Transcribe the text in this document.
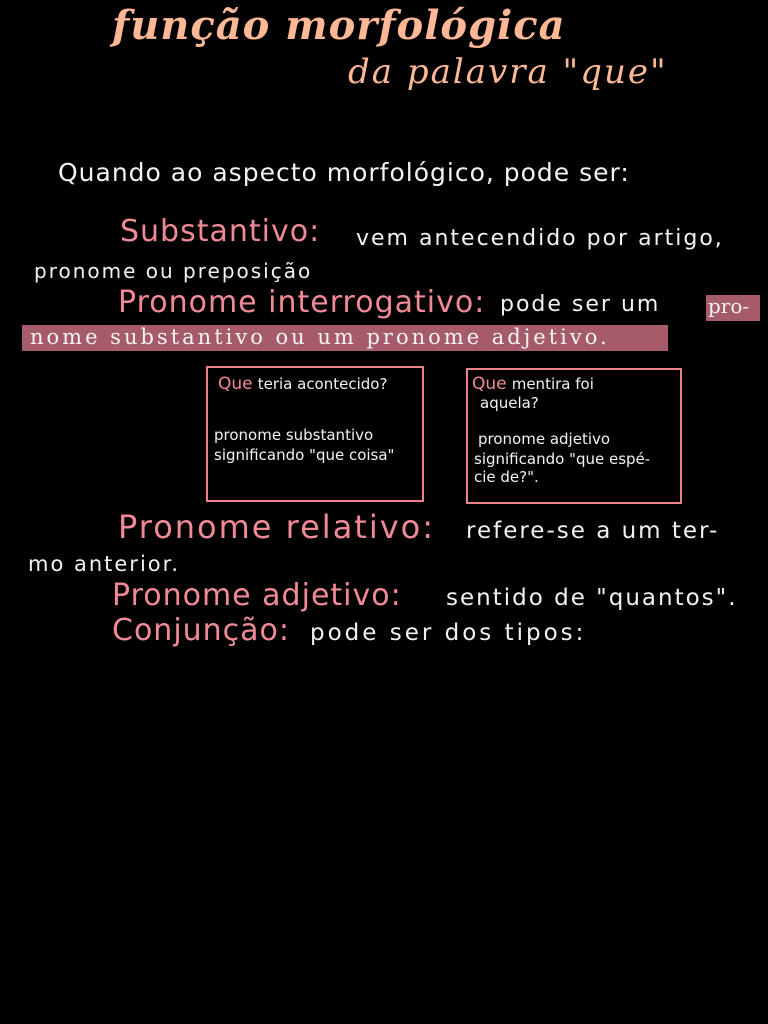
função morfológica
da palavra "que"
Quando ao aspecto morfológico, pode ser:
Substantivo: vem antecendido por artigo,
pronome ou preposição
Pronome interrogativo: pode ser um pro-
nome substantivo ou um pronome adjetivo.
Que teria acontecido?
pronome substantivo
significando "que coisa"
Que mentira foi
aquela?
pronome adjetivo
significando "que espé-
cie de?".
Pronome relativo: refere-se a um ter-
mo anterior.
Pronome adjetivo: sentido de "quantos".
Conjunção: pode ser dos tipos:
